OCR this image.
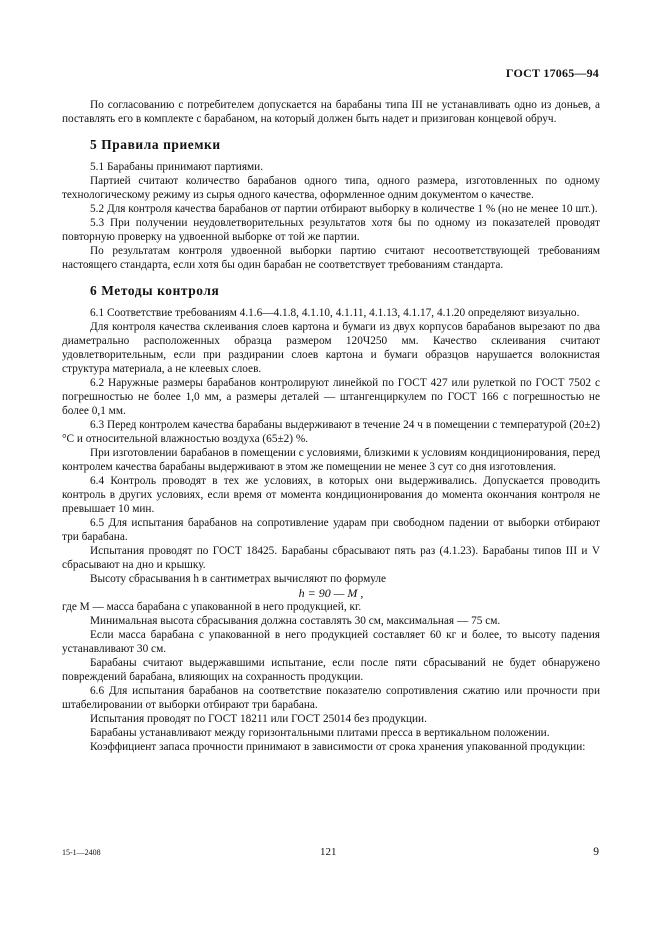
ГОСТ 17065—94

По согласованию с потребителем допускается на барабаны типа III не устанавливать одно из доньев, а поставлять его в комплекте с барабаном, на который должен быть надет и призигован концевой обруч.

5 Правила приемки

5.1 Барабаны принимают партиями.

Партией считают количество барабанов одного типа, одного размера, изготовленных по одному технологическому режиму из сырья одного качества, оформленное одним документом о качестве.

5.2 Для контроля качества барабанов от партии отбирают выборку в количестве 1 % (но не менее 10 шт.).

5.3 При получении неудовлетворительных результатов хотя бы по одному из показателей проводят повторную проверку на удвоенной выборке от той же партии.

По результатам контроля удвоенной выборки партию считают несоответствующей требованиям настоящего стандарта, если хотя бы один барабан не соответствует требованиям стандарта.

6 Методы контроля

6.1 Соответствие требованиям 4.1.6—4.1.8, 4.1.10, 4.1.11, 4.1.13, 4.1.17, 4.1.20 определяют визуально.

Для контроля качества склеивания слоев картона и бумаги из двух корпусов барабанов вырезают по два диаметрально расположенных образца размером 120Ч250 мм. Качество склеивания считают удовлетворительным, если при раздирании слоев картона и бумаги образцов нарушается волокнистая структура материала, а не клеевых слоев.

6.2 Наружные размеры барабанов контролируют линейкой по ГОСТ 427 или рулеткой по ГОСТ 7502 с погрешностью не более 1,0 мм, а размеры деталей — штангенциркулем по ГОСТ 166 с погрешностью не более 0,1 мм.

6.3 Перед контролем качества барабаны выдерживают в течение 24 ч в помещении с температурой (20±2) °С и относительной влажностью воздуха (65±2) %.

При изготовлении барабанов в помещении с условиями, близкими к условиям кондиционирования, перед контролем качества барабаны выдерживают в этом же помещении не менее 3 сут со дня изготовления.

6.4 Контроль проводят в тех же условиях, в которых они выдерживались. Допускается проводить контроль в других условиях, если время от момента кондиционирования до момента окончания контроля не превышает 10 мин.

6.5 Для испытания барабанов на сопротивление ударам при свободном падении от выборки отбирают три барабана.

Испытания проводят по ГОСТ 18425. Барабаны сбрасывают пять раз (4.1.23). Барабаны типов III и V сбрасывают на дно и крышку.

Высоту сбрасывания h в сантиметрах вычисляют по формуле

h = 90 — M ,

где M — масса барабана с упакованной в него продукцией, кг.

Минимальная высота сбрасывания должна составлять 30 см, максимальная — 75 см.

Если масса барабана с упакованной в него продукцией составляет 60 кг и более, то высоту падения устанавливают 30 см.

Барабаны считают выдержавшими испытание, если после пяти сбрасываний не будет обнаружено повреждений барабана, влияющих на сохранность продукции.

6.6 Для испытания барабанов на соответствие показателю сопротивления сжатию или прочности при штабелировании от выборки отбирают три барабана.

Испытания проводят по ГОСТ 18211 или ГОСТ 25014 без продукции.

Барабаны устанавливают между горизонтальными плитами пресса в вертикальном положении.

Коэффициент запаса прочности принимают в зависимости от срока хранения упакованной продукции:

15-1—2408	121	9
